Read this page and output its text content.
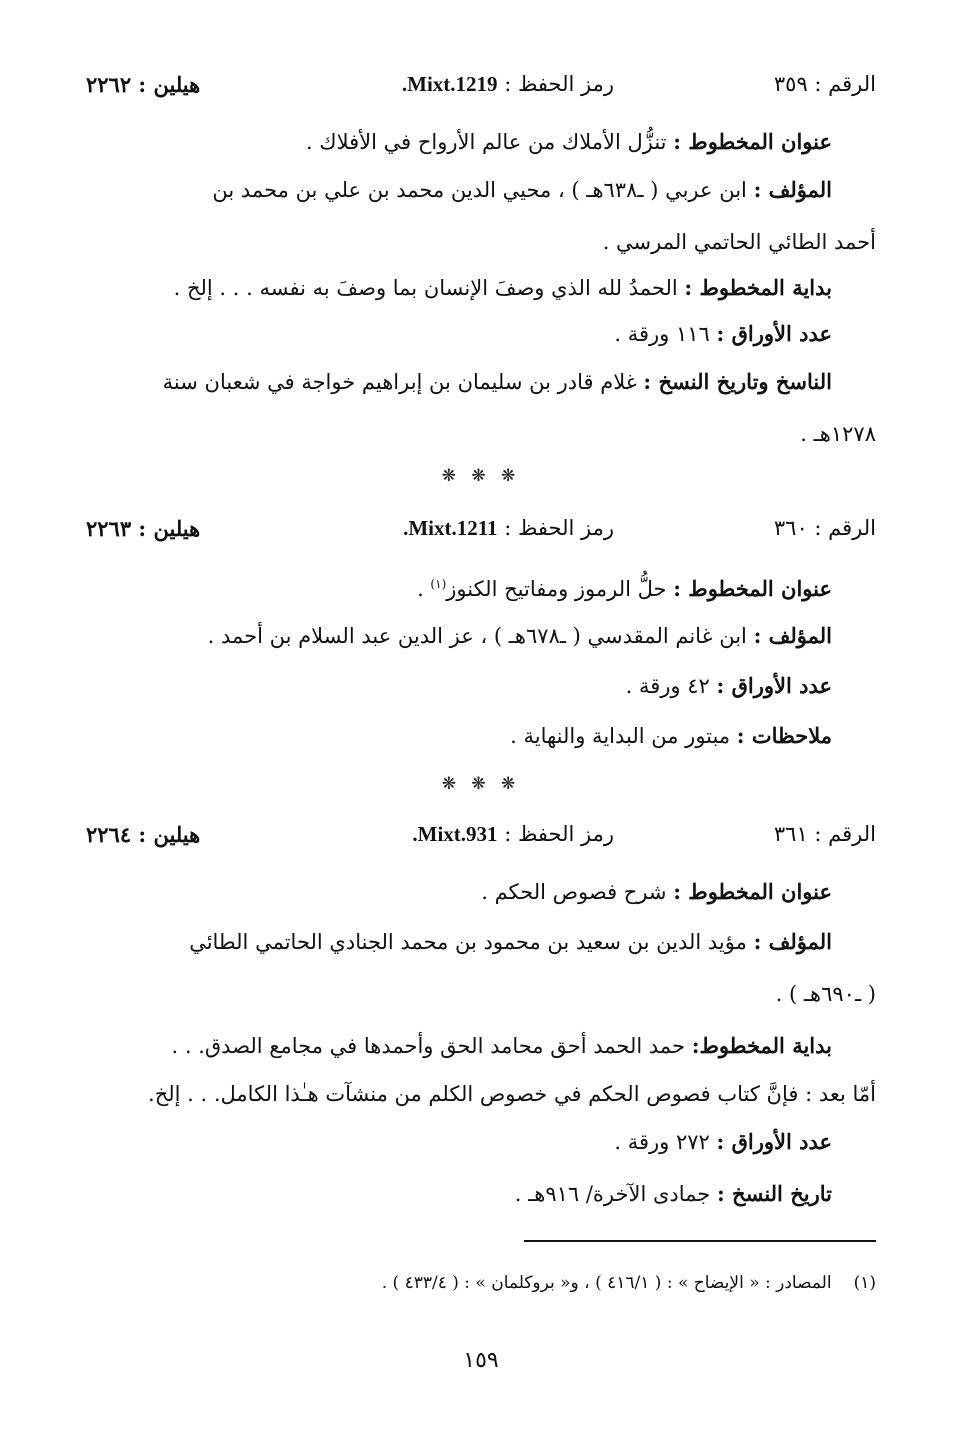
الرقم : ٣٥٩
رمز الحفظ : Mixt.1219.
هيلين : ٢٢٦٢
عنوان المخطوط : تنزُّل الأملاك من عالم الأرواح في الأفلاك .
المؤلف : ابن عربي ( ـ٦٣٨هـ ) ، محيي الدين محمد بن علي بن محمد بن
أحمد الطائي الحاتمي المرسي .
بداية المخطوط : الحمدُ لله الذي وصفَ الإنسان بما وصفَ به نفسه . . . إلخ .
عدد الأوراق : ١١٦ ورقة .
الناسخ وتاريخ النسخ : غلام قادر بن سليمان بن إبراهيم خواجة في شعبان سنة
١٢٧٨هـ .
❋ ❋ ❋
الرقم : ٣٦٠
رمز الحفظ : Mixt.1211.
هيلين : ٢٢٦٣
عنوان المخطوط : حلُّ الرموز ومفاتيح الكنوز$^{(١)}$ .
المؤلف : ابن غانم المقدسي ( ـ٦٧٨هـ ) ، عز الدين عبد السلام بن أحمد .
عدد الأوراق : ٤٢ ورقة .
ملاحظات : مبتور من البداية والنهاية .
❋ ❋ ❋
الرقم : ٣٦١
رمز الحفظ : Mixt.931.
هيلين : ٢٢٦٤
عنوان المخطوط : شرح فصوص الحكم .
المؤلف : مؤيد الدين بن سعيد بن محمود بن محمد الجنادي الحاتمي الطائي
( ـ٦٩٠هـ ) .
بداية المخطوط: حمد الحمد أحق محامد الحق وأحمدها في مجامع الصدق. . .
أمّا بعد : فإنَّ كتاب فصوص الحكم في خصوص الكلم من منشآت هـٰذا الكامل. . . إلخ.
عدد الأوراق : ٢٧٢ ورقة .
تاريخ النسخ : جمادى الآخرة/ ٩١٦هـ .
(١)المصادر : « الإيضاح » : ( ٤١٦/١ ) ، و« بروكلمان » : ( ٤٣٣/٤ ) .
١٥٩
